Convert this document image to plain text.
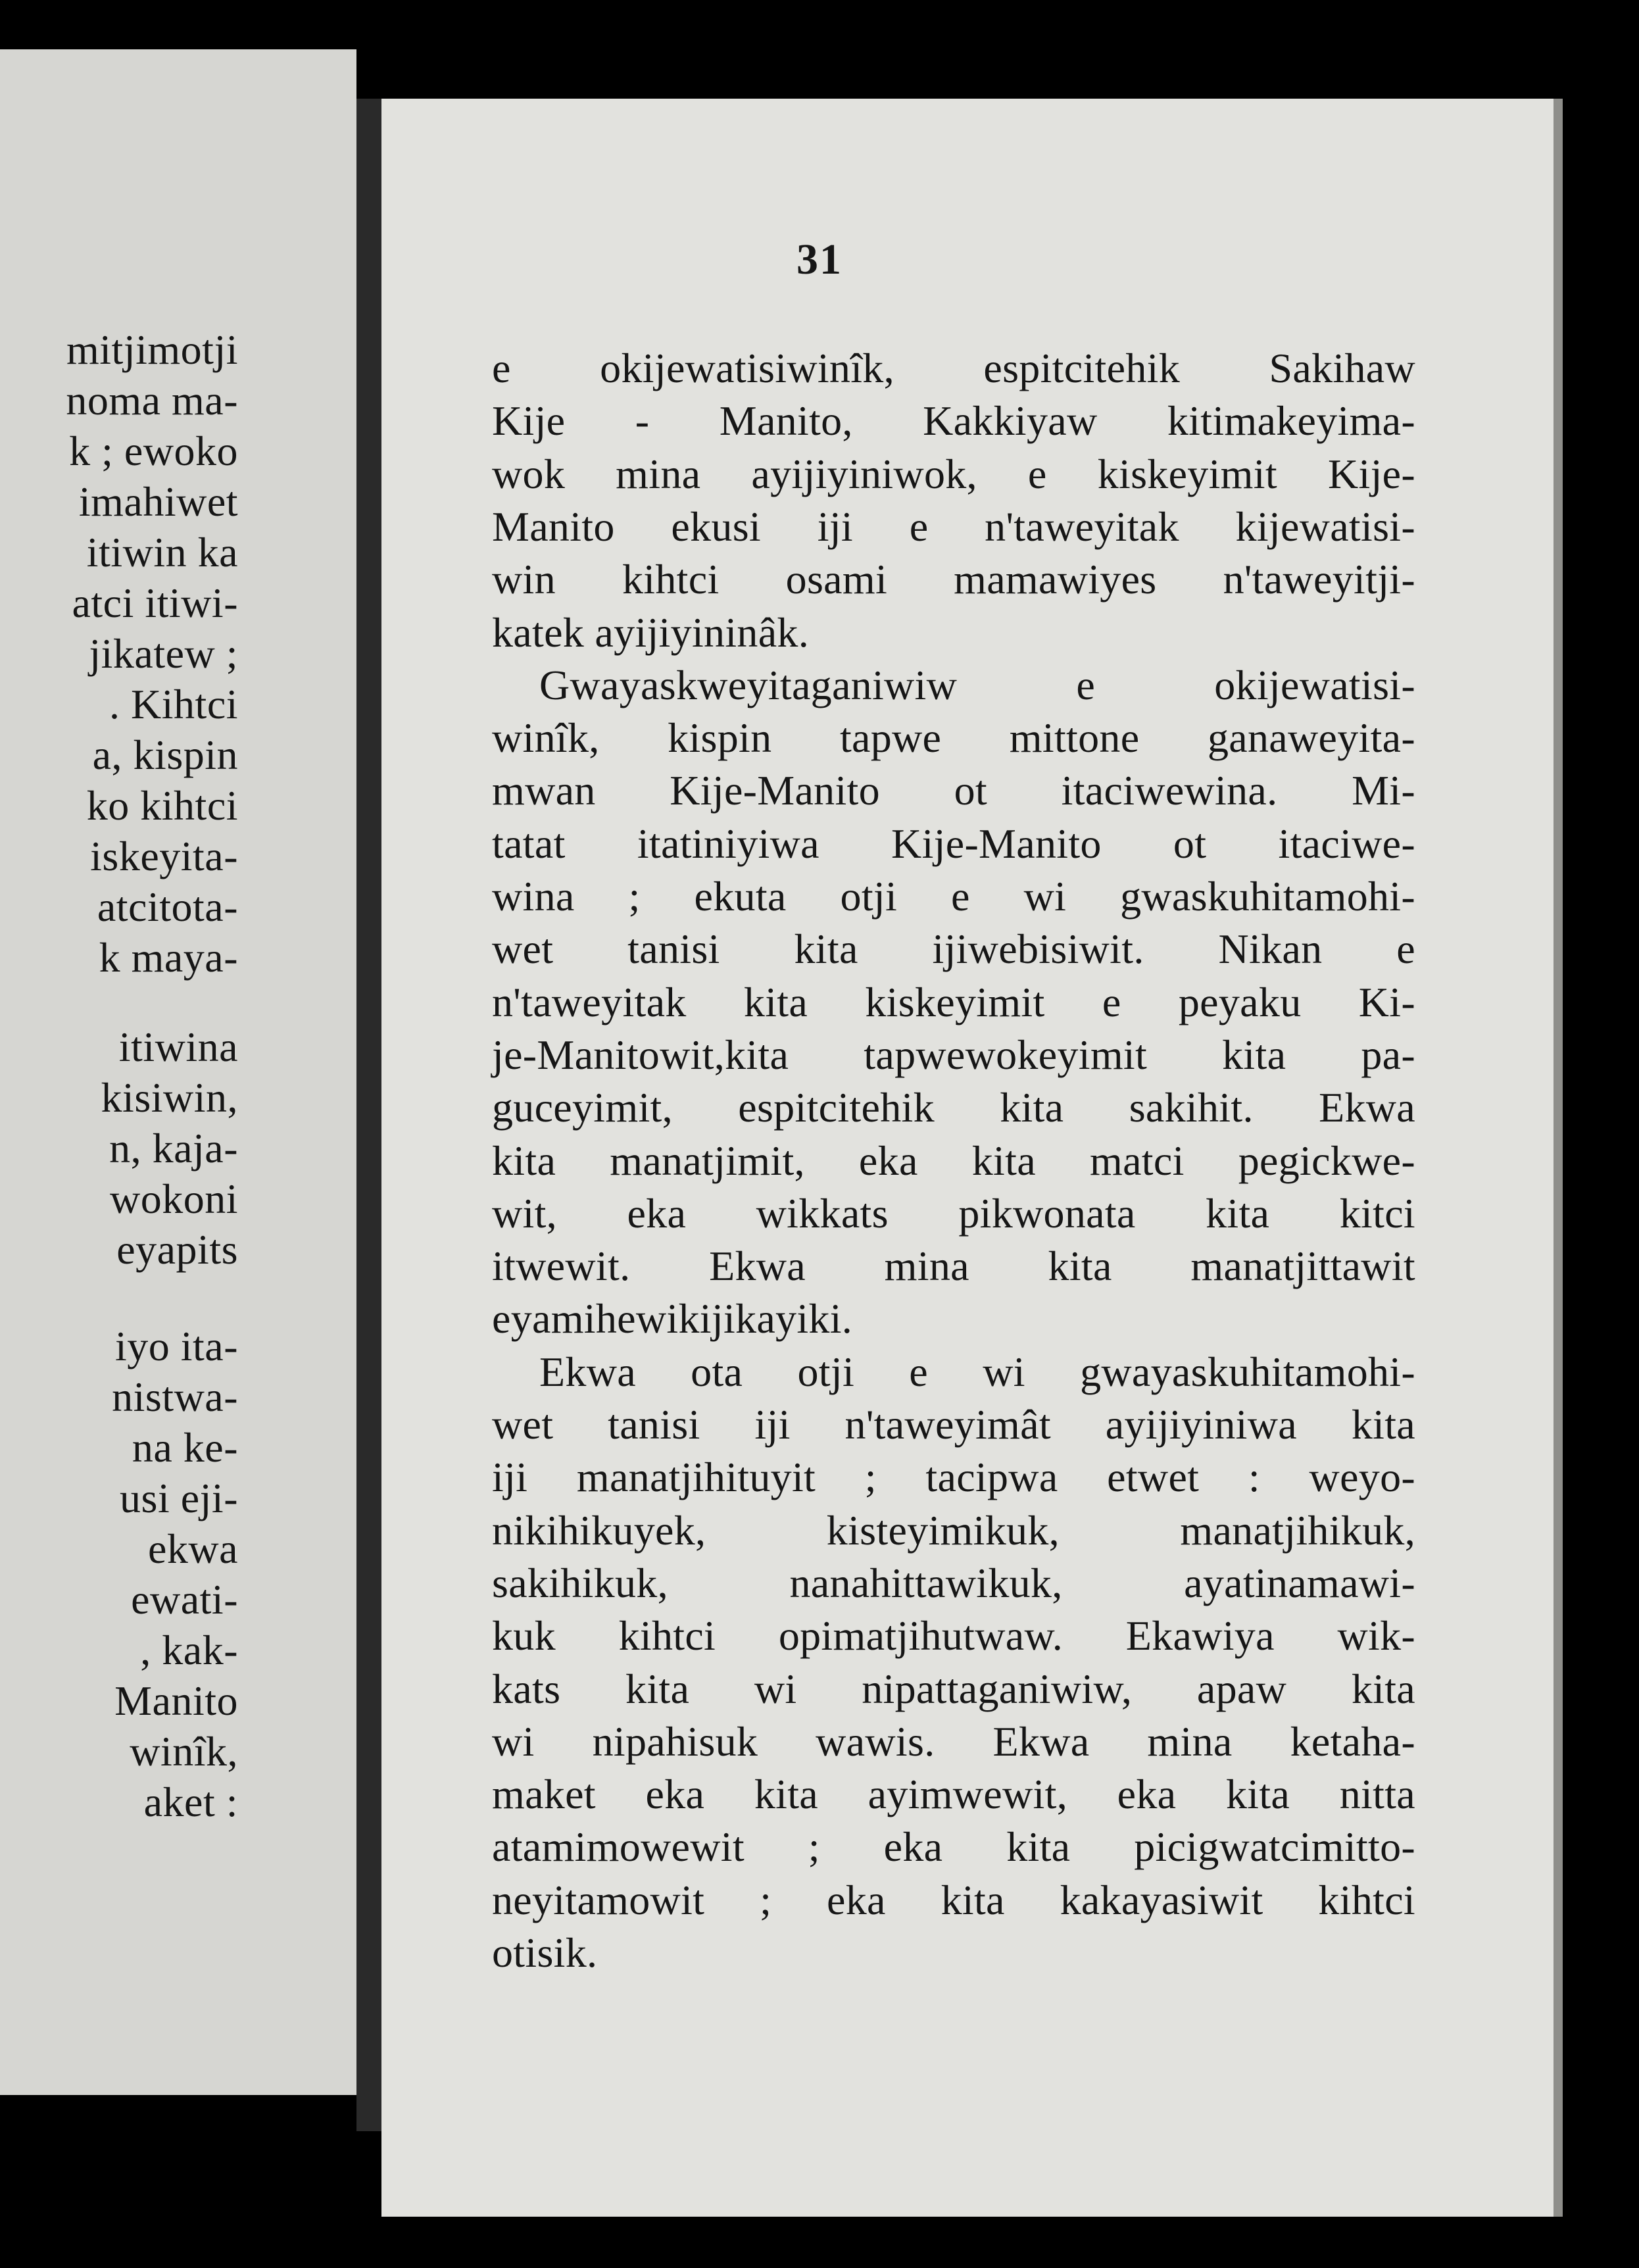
mitjimotji
noma ma-
k ; ewoko
imahiwet
itiwin ka
atci itiwi-
jikatew ;
. Kihtci
a, kispin
ko kihtci
iskeyita-
atcitota-
k maya-
itiwina
kisiwin,
n, kaja-
wokoni
eyapits
iyo ita-
nistwa-
na ke-
usi eji-
ekwa
ewati-
, kak-
Manito
winîk,
aket :
31
e okijewatisiwinîk, espitcitehik Sakihaw
Kije - Manito, Kakkiyaw kitimakeyima-
wok mina ayijiyiniwok, e kiskeyimit Kije-
Manito ekusi iji e n'taweyitak kijewatisi-
win kihtci osami mamawiyes n'taweyitji-
katek ayijiyininâk.
Gwayaskweyitaganiwiw e okijewatisi-
winîk, kispin tapwe mittone ganaweyita-
mwan Kije-Manito ot itaciwewina. Mi-
tatat itatiniyiwa Kije-Manito ot itaciwe-
wina ; ekuta otji e wi gwaskuhitamohi-
wet tanisi kita ijiwebisiwit. Nikan e
n'taweyitak kita kiskeyimit e peyaku Ki-
je-Manitowit,kita tapwewokeyimit kita pa-
guceyimit, espitcitehik kita sakihit. Ekwa
kita manatjimit, eka kita matci pegickwe-
wit, eka wikkats pikwonata kita kitci
itwewit. Ekwa mina kita manatjittawit
eyamihewikijikayiki.
Ekwa ota otji e wi gwayaskuhitamohi-
wet tanisi iji n'taweyimât ayijiyiniwa kita
iji manatjihituyit ; tacipwa etwet : weyo-
nikihikuyek, kisteyimikuk, manatjihikuk,
sakihikuk, nanahittawikuk, ayatinamawi-
kuk kihtci opimatjihutwaw. Ekawiya wik-
kats kita wi nipattaganiwiw, apaw kita
wi nipahisuk wawis. Ekwa mina ketaha-
maket eka kita ayimwewit, eka kita nitta
atamimowewit ; eka kita picigwatcimitto-
neyitamowit ; eka kita kakayasiwit kihtci
otisik.
